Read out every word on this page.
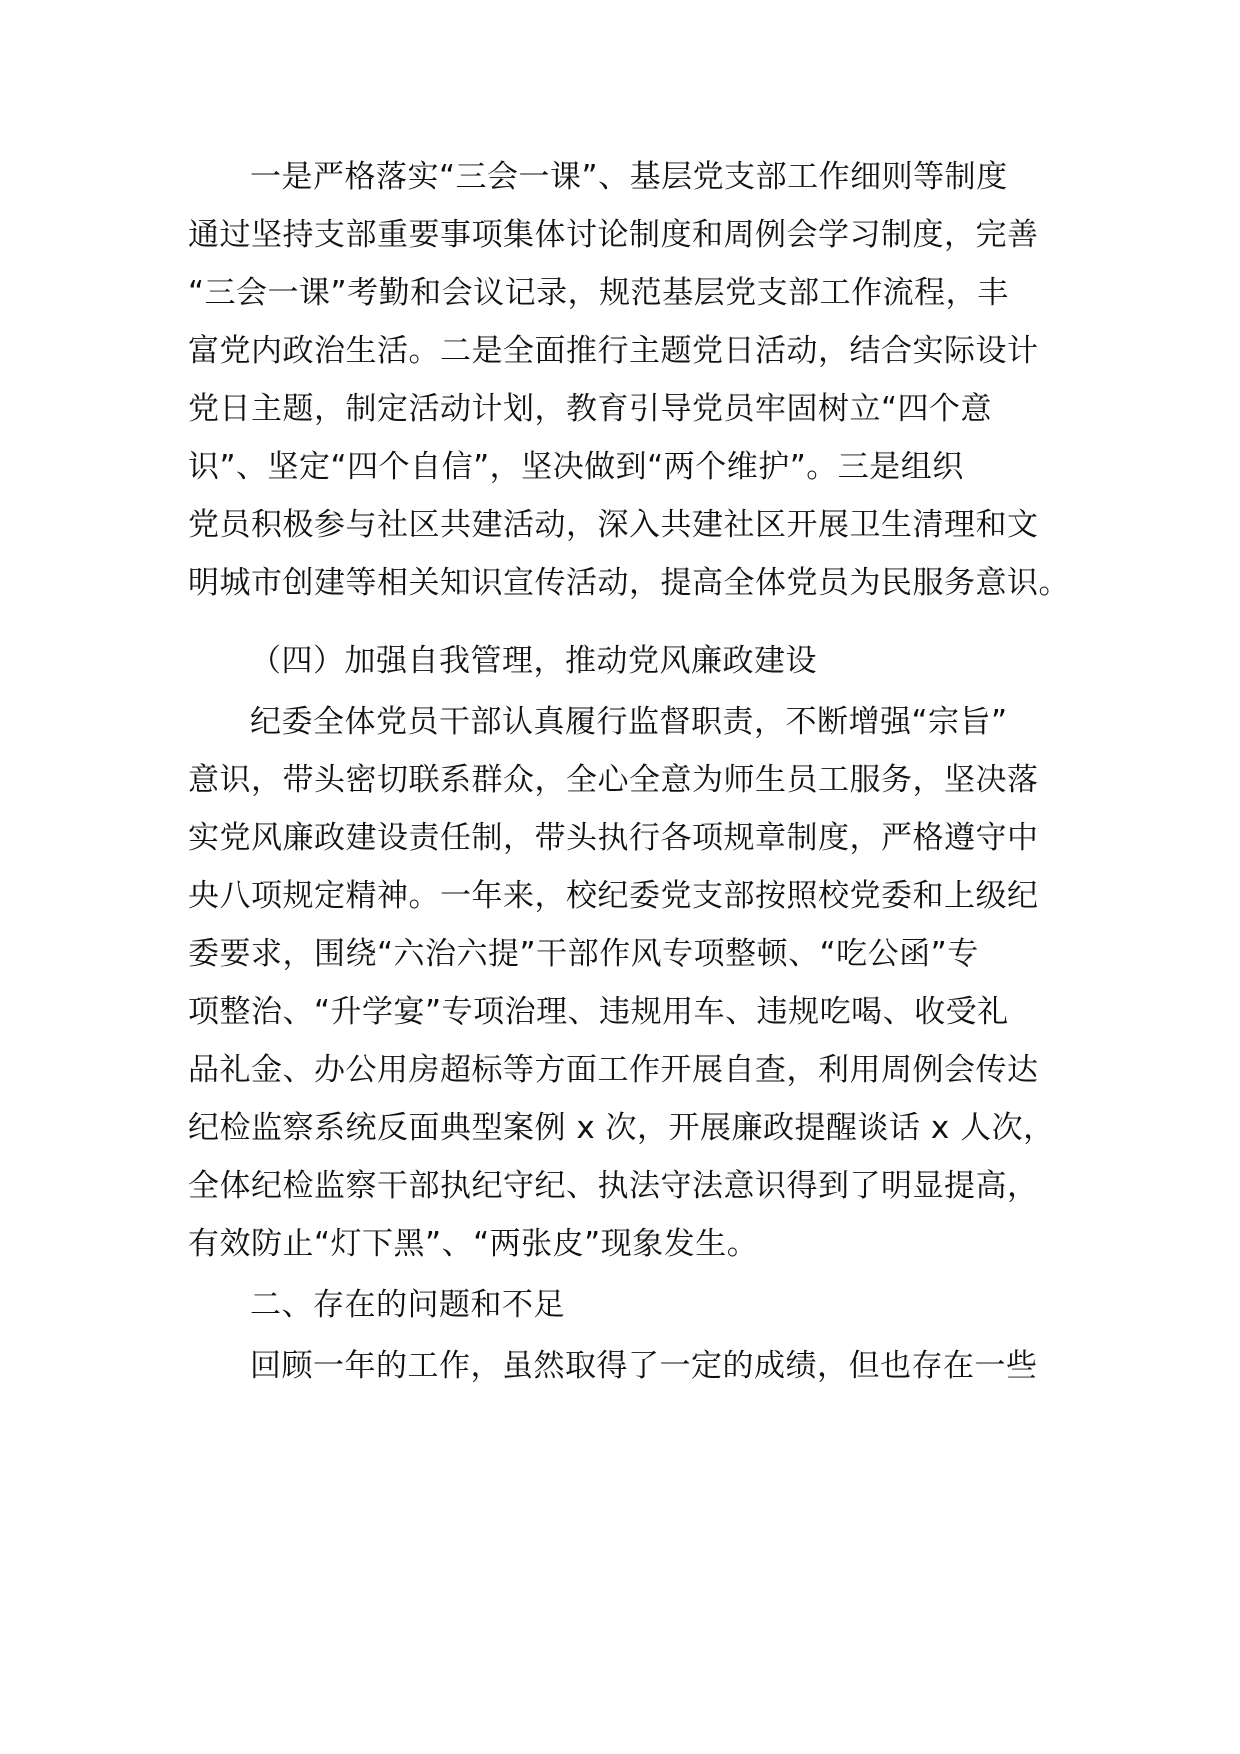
一是严格落实“三会一课”、基层党支部工作细则等制度
通过坚持支部重要事项集体讨论制度和周例会学习制度，完善
“三会一课”考勤和会议记录，规范基层党支部工作流程，丰
富党内政治生活。二是全面推行主题党日活动，结合实际设计
党日主题，制定活动计划，教育引导党员牢固树立“四个意
识”、坚定“四个自信”，坚决做到“两个维护”。三是组织
党员积极参与社区共建活动，深入共建社区开展卫生清理和文
明城市创建等相关知识宣传活动，提高全体党员为民服务意识。
（四）加强自我管理，推动党风廉政建设
纪委全体党员干部认真履行监督职责，不断增强“宗旨”
意识，带头密切联系群众，全心全意为师生员工服务，坚决落
实党风廉政建设责任制，带头执行各项规章制度，严格遵守中
央八项规定精神。一年来，校纪委党支部按照校党委和上级纪
委要求，围绕“六治六提”干部作风专项整顿、“吃公函”专
项整治、“升学宴”专项治理、违规用车、违规吃喝、收受礼
品礼金、办公用房超标等方面工作开展自查，利用周例会传达
纪检监察系统反面典型案例 x 次，开展廉政提醒谈话 x 人次，
全体纪检监察干部执纪守纪、执法守法意识得到了明显提高，
有效防止“灯下黑”、“两张皮”现象发生。
二、存在的问题和不足
回顾一年的工作，虽然取得了一定的成绩，但也存在一些
